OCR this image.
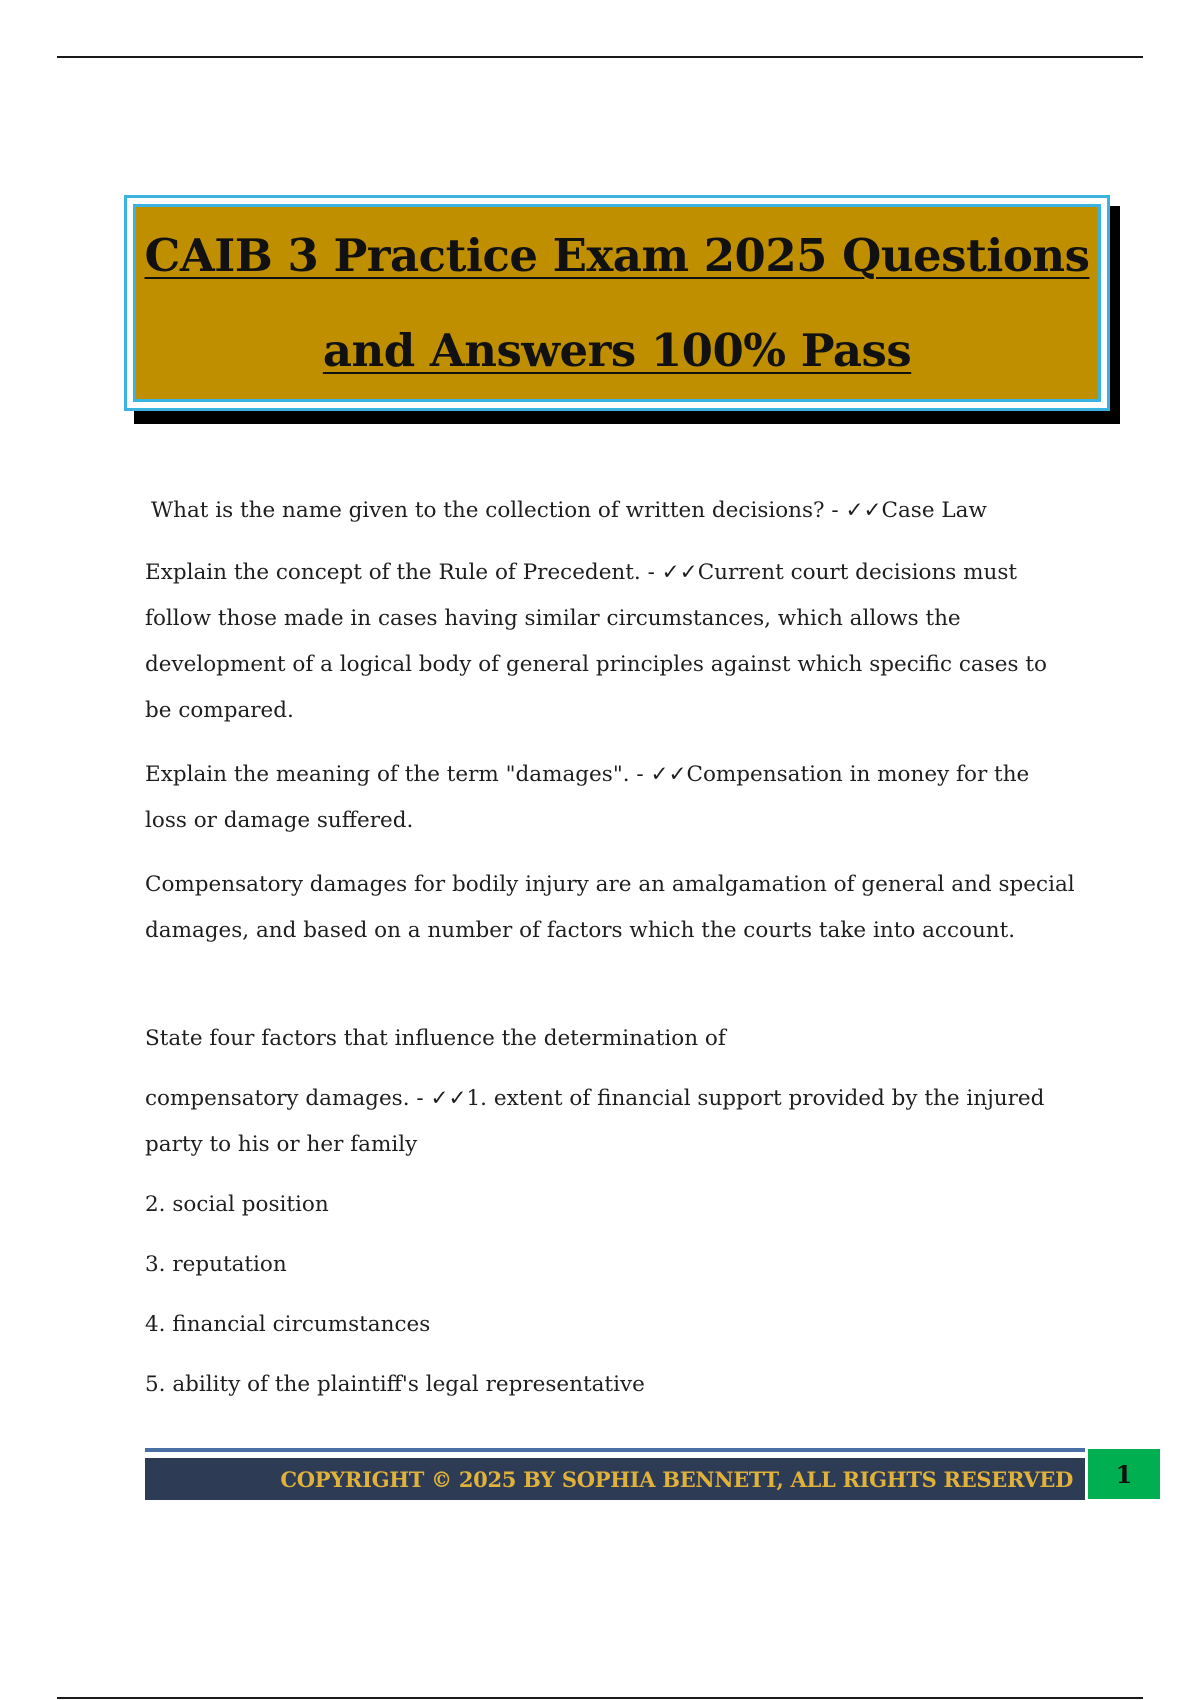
CAIB 3 Practice Exam 2025 Questions
and Answers 100% Pass

What is the name given to the collection of written decisions? - ✓✓Case Law

Explain the concept of the Rule of Precedent. - ✓✓Current court decisions must follow those made in cases having similar circumstances, which allows the development of a logical body of general principles against which specific cases to be compared.

Explain the meaning of the term "damages". - ✓✓Compensation in money for the loss or damage suffered.

Compensatory damages for bodily injury are an amalgamation of general and special damages, and based on a number of factors which the courts take into account.

State four factors that influence the determination of

compensatory damages. - ✓✓1. extent of financial support provided by the injured party to his or her family

2. social position

3. reputation

4. financial circumstances

5. ability of the plaintiff's legal representative

COPYRIGHT © 2025 BY SOPHIA BENNETT, ALL RIGHTS RESERVED 1
